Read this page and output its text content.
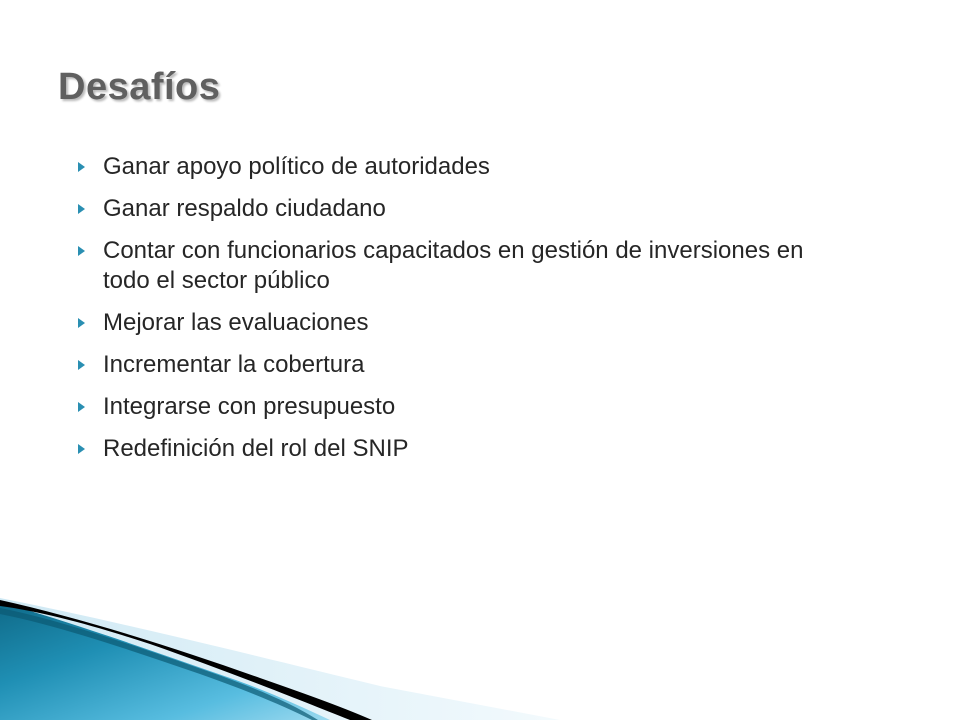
Desafíos
Ganar apoyo político de autoridades
Ganar respaldo ciudadano
Contar con funcionarios capacitados en gestión de inversiones en todo el sector público
Mejorar las evaluaciones
Incrementar la cobertura
Integrarse con presupuesto
Redefinición del rol del SNIP
